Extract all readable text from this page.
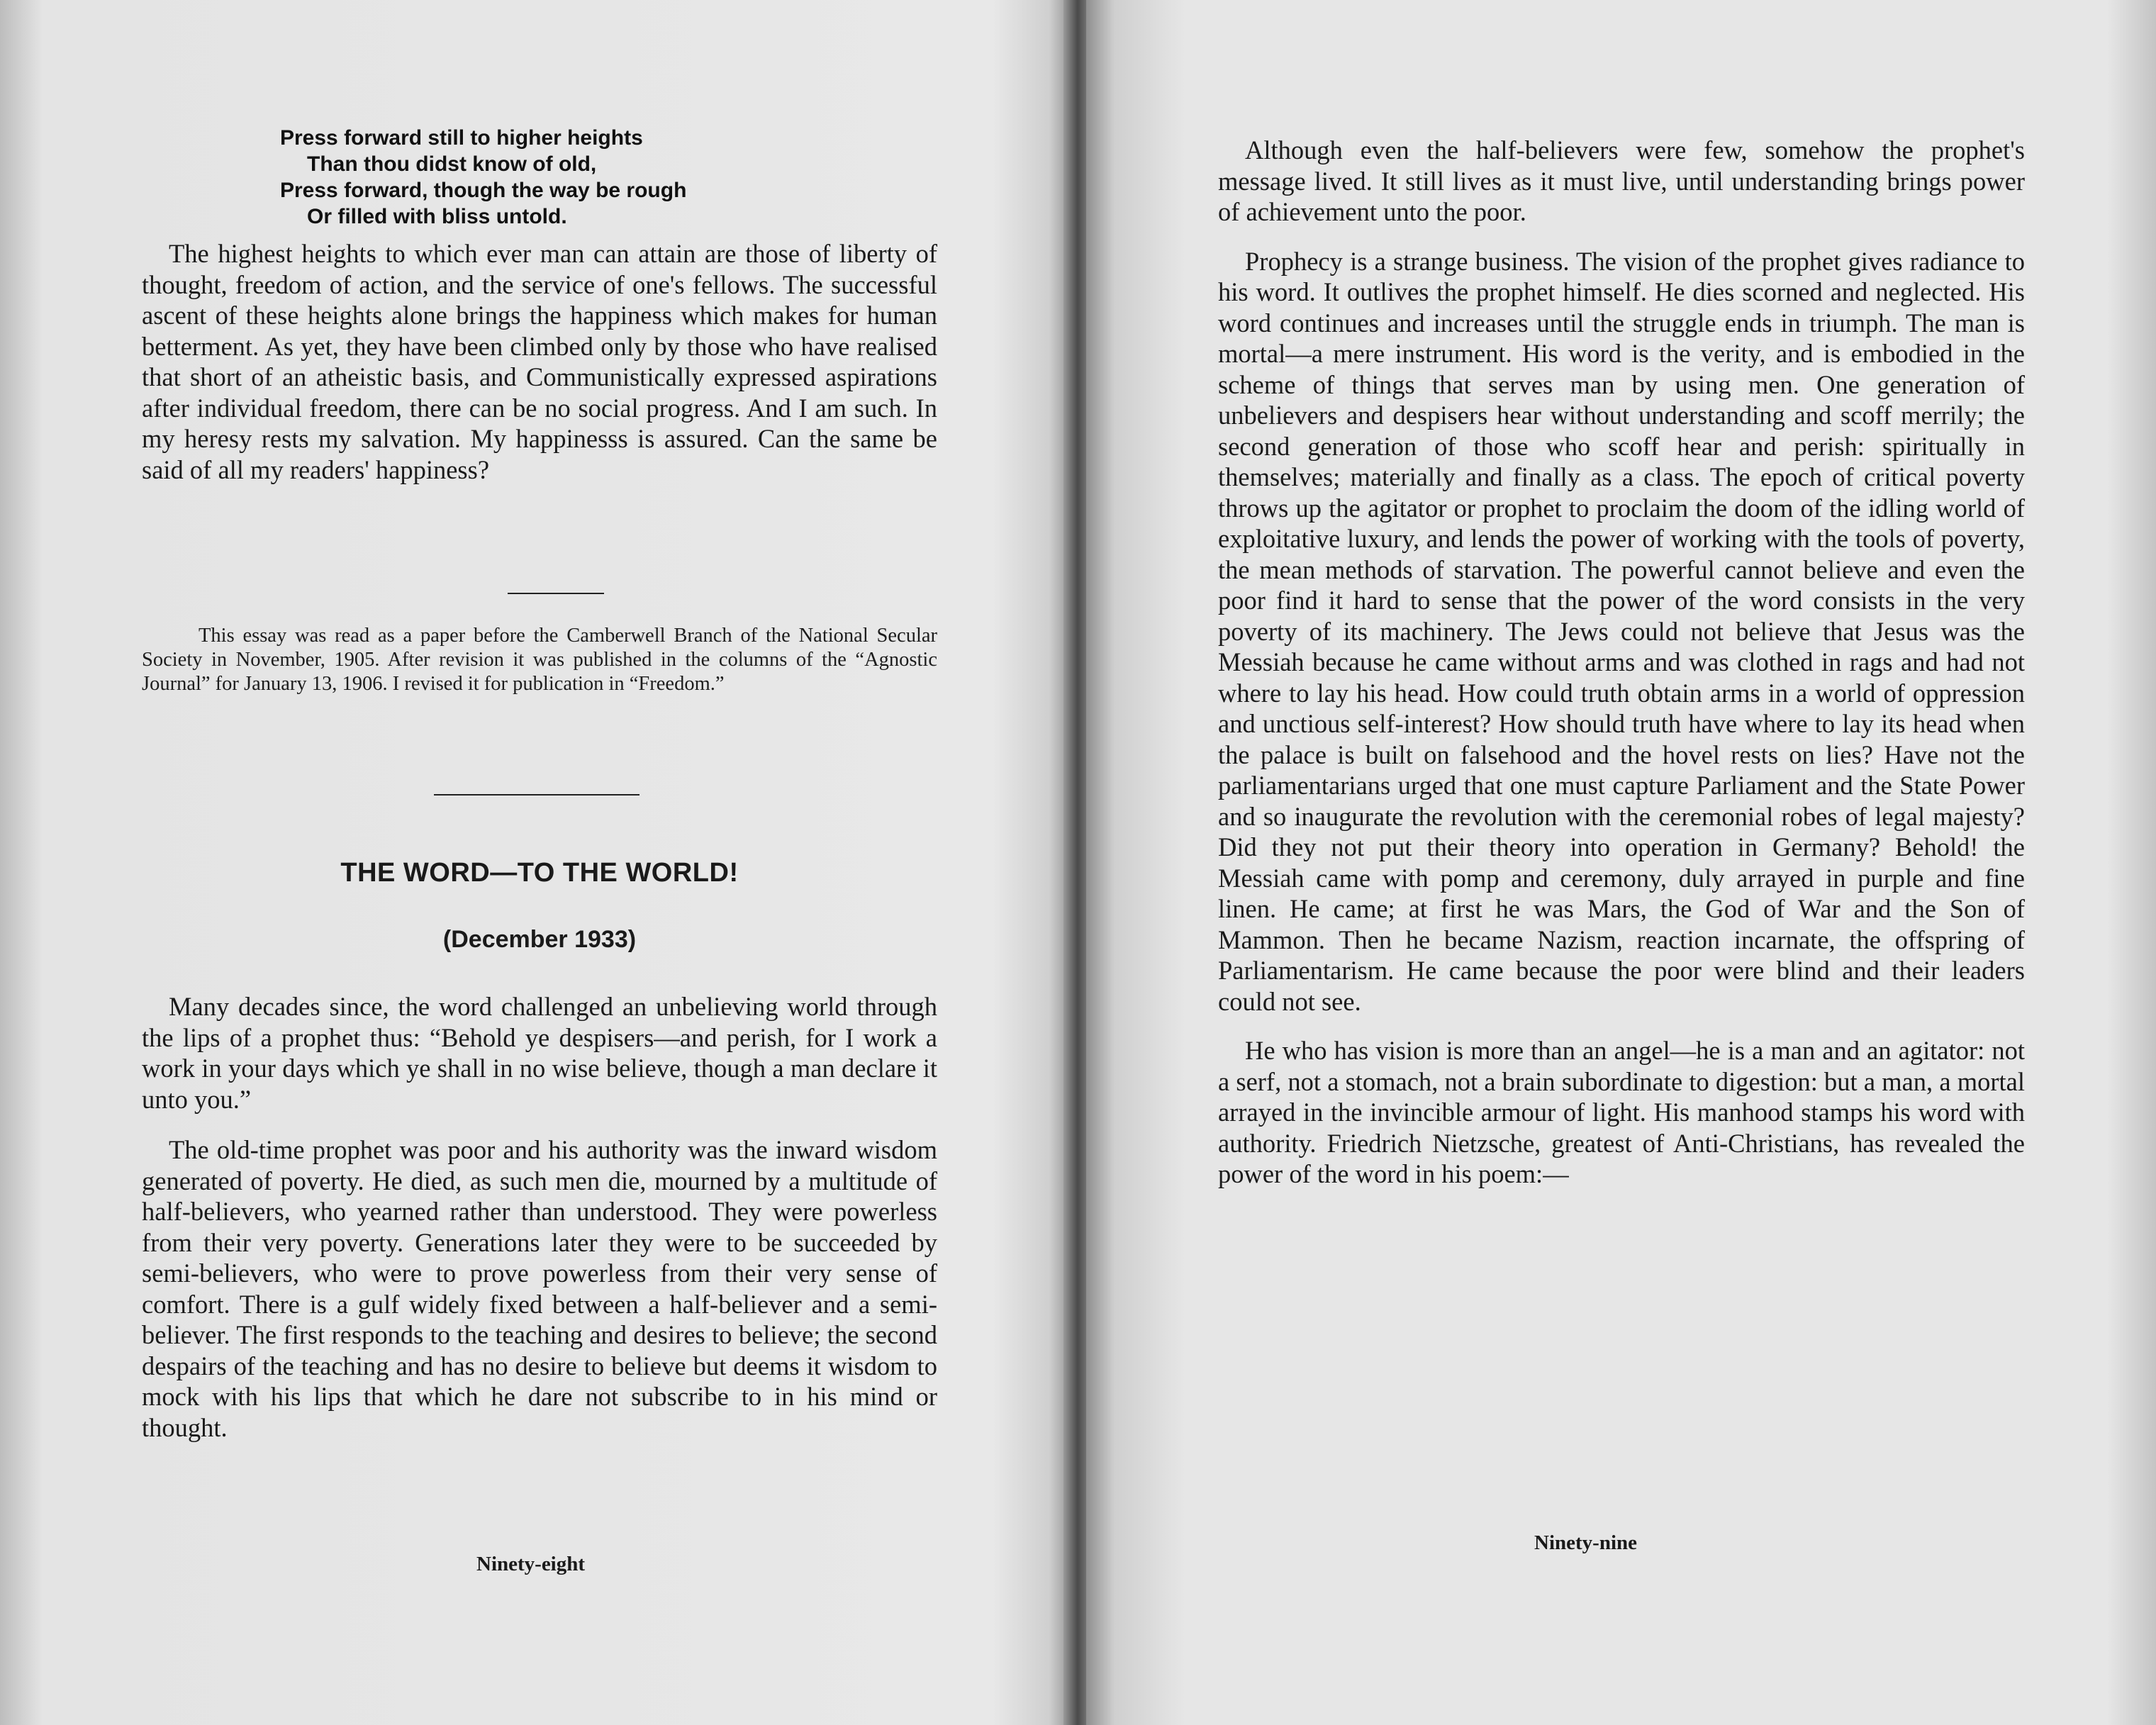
Press forward still to higher heights
Than thou didst know of old,
Press forward, though the way be rough
Or filled with bliss untold.

The highest heights to which ever man can attain are those of liberty of thought, freedom of action, and the service of one's fellows. The successful ascent of these heights alone brings the happiness which makes for human betterment. As yet, they have been climbed only by those who have realised that short of an atheistic basis, and Communistically expressed aspirations after individual freedom, there can be no social progress. And I am such. In my heresy rests my salvation. My happinesss is assured. Can the same be said of all my readers' happiness?

This essay was read as a paper before the Camberwell Branch of the National Secular Society in November, 1905. After revision it was published in the columns of the “Agnostic Journal” for January 13, 1906. I revised it for publication in “Freedom.”
THE WORD—TO THE WORLD!
(December 1933)

Many decades since, the word challenged an unbelieving world through the lips of a prophet thus: “Behold ye despisers—and perish, for I work a work in your days which ye shall in no wise believe, though a man declare it unto you.”

The old-time prophet was poor and his authority was the inward wisdom generated of poverty. He died, as such men die, mourned by a multitude of half-believers, who yearned rather than understood. They were powerless from their very poverty. Generations later they were to be succeeded by semi-believers, who were to prove powerless from their very sense of comfort. There is a gulf widely fixed between a half-believer and a semi-believer. The first responds to the teaching and desires to believe; the second despairs of the teaching and has no desire to believe but deems it wisdom to mock with his lips that which he dare not subscribe to in his mind or thought.

Ninety-eight

Although even the half-believers were few, somehow the prophet's message lived. It still lives as it must live, until understanding brings power of achievement unto the poor.

Prophecy is a strange business. The vision of the prophet gives radiance to his word. It outlives the prophet himself. He dies scorned and neglected. His word continues and increases until the struggle ends in triumph. The man is mortal—a mere instrument. His word is the verity, and is embodied in the scheme of things that serves man by using men. One generation of unbelievers and despisers hear without understanding and scoff merrily; the second generation of those who scoff hear and perish: spiritually in themselves; materially and finally as a class. The epoch of critical poverty throws up the agitator or prophet to proclaim the doom of the idling world of exploitative luxury, and lends the power of working with the tools of poverty, the mean methods of starvation. The powerful cannot believe and even the poor find it hard to sense that the power of the word consists in the very poverty of its machinery. The Jews could not believe that Jesus was the Messiah because he came without arms and was clothed in rags and had not where to lay his head. How could truth obtain arms in a world of oppression and unctious self-interest? How should truth have where to lay its head when the palace is built on falsehood and the hovel rests on lies? Have not the parliamentarians urged that one must capture Parliament and the State Power and so inaugurate the revolution with the ceremonial robes of legal majesty? Did they not put their theory into operation in Germany? Behold! the Messiah came with pomp and ceremony, duly arrayed in purple and fine linen. He came; at first he was Mars, the God of War and the Son of Mammon. Then he became Nazism, reaction incarnate, the offspring of Parliamentarism. He came because the poor were blind and their leaders could not see.

He who has vision is more than an angel—he is a man and an agitator: not a serf, not a stomach, not a brain subordinate to digestion: but a man, a mortal arrayed in the invincible armour of light. His manhood stamps his word with authority. Friedrich Nietzsche, greatest of Anti-Christians, has revealed the power of the word in his poem:—

Ninety-nine
